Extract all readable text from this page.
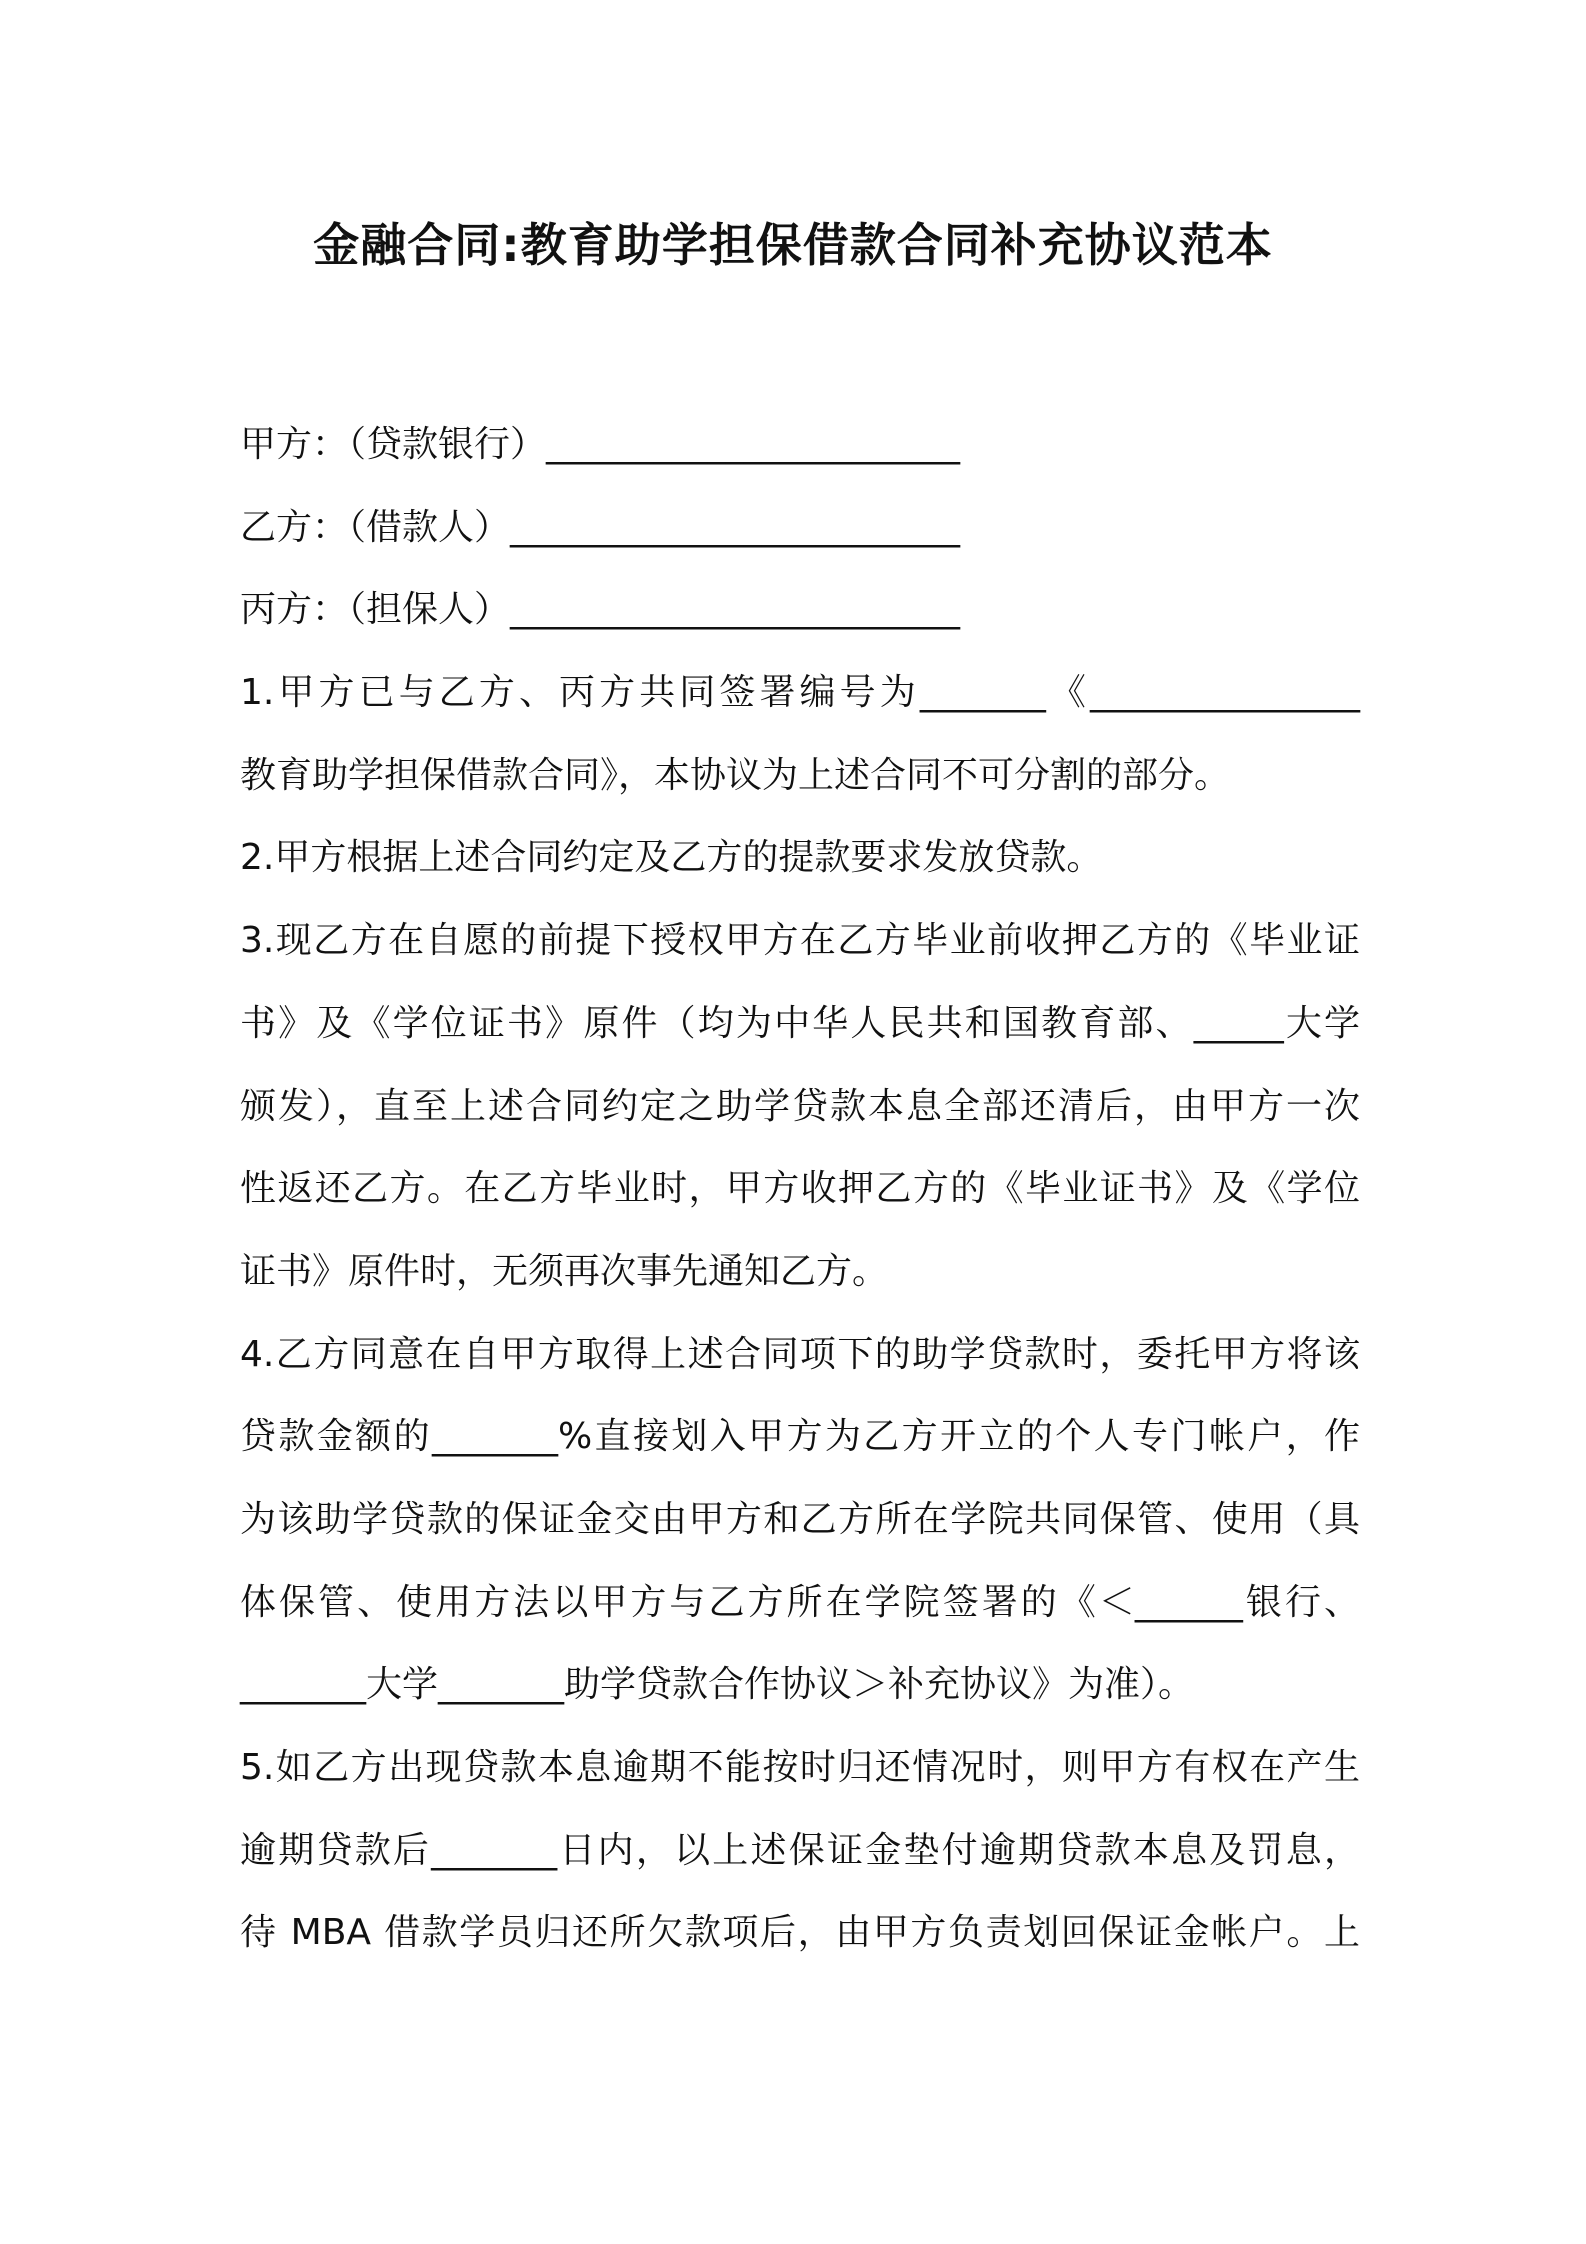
金融合同:教育助学担保借款合同补充协议范本
甲方：（贷款银行）_______________________
乙方：（借款人）_________________________
丙方：（担保人）_________________________
1.甲方已与乙方、丙方共同签署编号为_______《_______________
教育助学担保借款合同》，本协议为上述合同不可分割的部分。
2.甲方根据上述合同约定及乙方的提款要求发放贷款。
3.现乙方在自愿的前提下授权甲方在乙方毕业前收押乙方的《毕业证
书》及《学位证书》原件（均为中华人民共和国教育部、_____大学
颁发），直至上述合同约定之助学贷款本息全部还清后，由甲方一次
性返还乙方。在乙方毕业时，甲方收押乙方的《毕业证书》及《学位
证书》原件时，无须再次事先通知乙方。
4.乙方同意在自甲方取得上述合同项下的助学贷款时，委托甲方将该
贷款金额的_______%直接划入甲方为乙方开立的个人专门帐户，作
为该助学贷款的保证金交由甲方和乙方所在学院共同保管、使用（具
体保管、使用方法以甲方与乙方所在学院签署的《＜______银行、
_______大学_______助学贷款合作协议＞补充协议》为准）。
5.如乙方出现贷款本息逾期不能按时归还情况时，则甲方有权在产生
逾期贷款后_______日内，以上述保证金垫付逾期贷款本息及罚息，
待 MBA 借款学员归还所欠款项后，由甲方负责划回保证金帐户。上
